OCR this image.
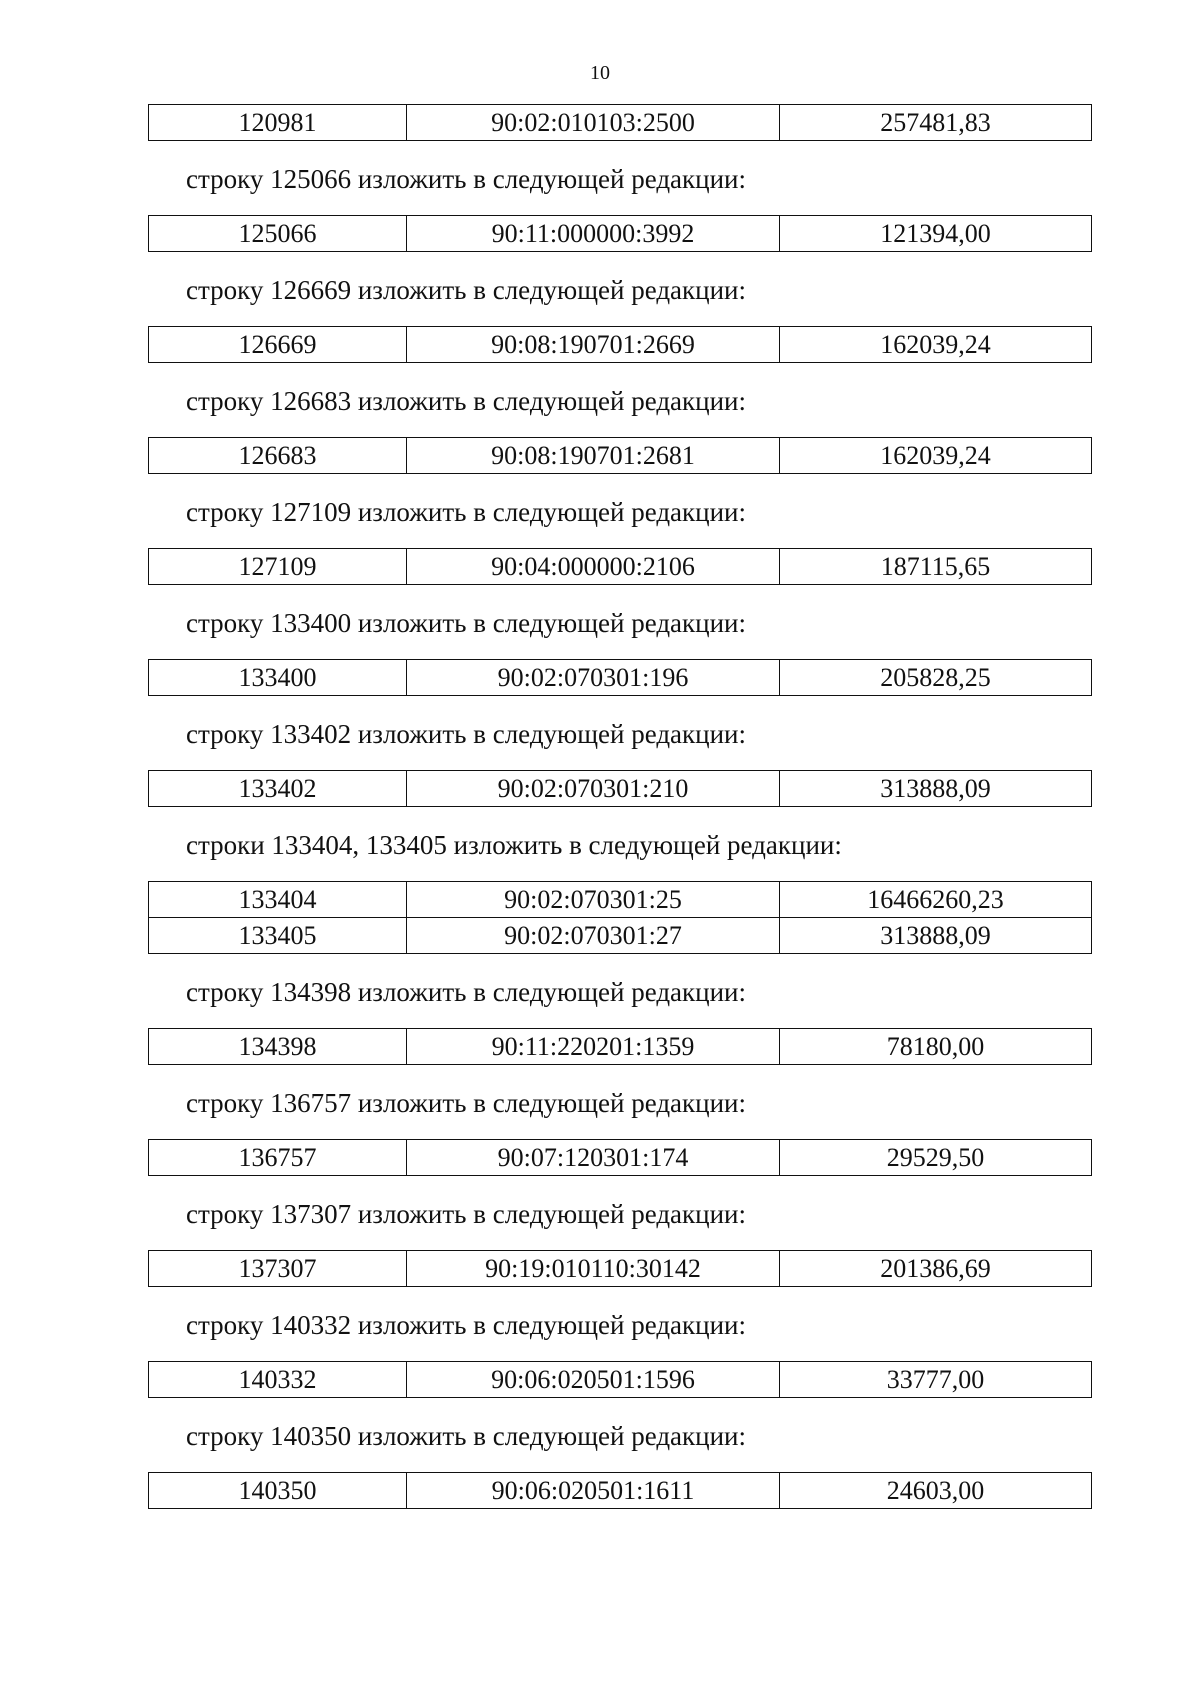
10
120981	90:02:010103:2500	257481,83
строку 125066 изложить в следующей редакции:
125066	90:11:000000:3992	121394,00
строку 126669 изложить в следующей редакции:
126669	90:08:190701:2669	162039,24
строку 126683 изложить в следующей редакции:
126683	90:08:190701:2681	162039,24
строку 127109 изложить в следующей редакции:
127109	90:04:000000:2106	187115,65
строку 133400 изложить в следующей редакции:
133400	90:02:070301:196	205828,25
строку 133402 изложить в следующей редакции:
133402	90:02:070301:210	313888,09
строки 133404, 133405 изложить в следующей редакции:
133404	90:02:070301:25	16466260,23
133405	90:02:070301:27	313888,09
строку 134398 изложить в следующей редакции:
134398	90:11:220201:1359	78180,00
строку 136757 изложить в следующей редакции:
136757	90:07:120301:174	29529,50
строку 137307 изложить в следующей редакции:
137307	90:19:010110:30142	201386,69
строку 140332 изложить в следующей редакции:
140332	90:06:020501:1596	33777,00
строку 140350 изложить в следующей редакции:
140350	90:06:020501:1611	24603,00
